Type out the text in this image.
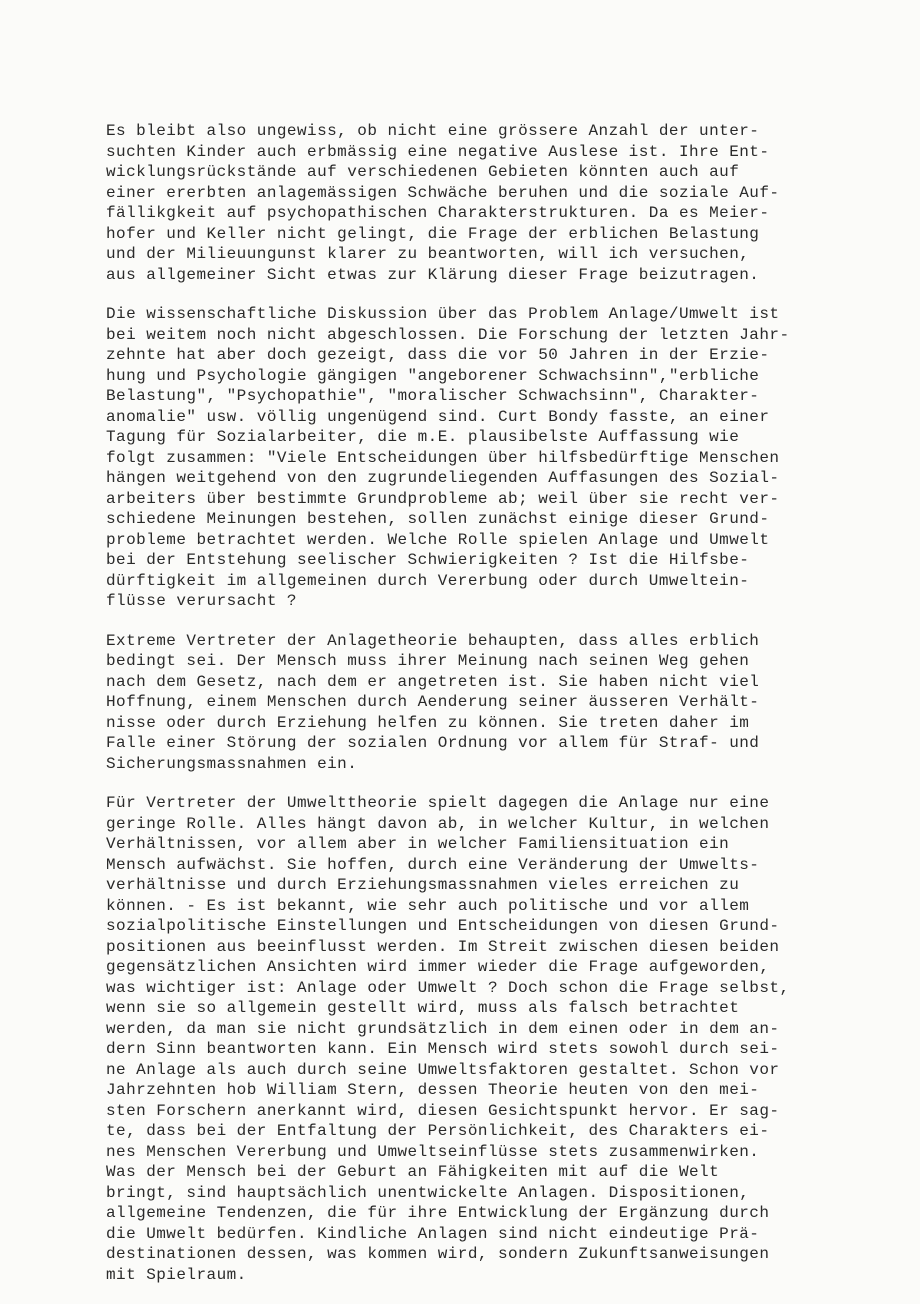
Es bleibt also ungewiss, ob nicht eine grössere Anzahl der unter-
suchten Kinder auch erbmässig eine negative Auslese ist. Ihre Ent-
wicklungsrückstände auf verschiedenen Gebieten könnten auch auf
einer ererbten anlagemässigen Schwäche beruhen und die soziale Auf-
fällikgkeit auf psychopathischen Charakterstrukturen. Da es Meier-
hofer und Keller nicht gelingt, die Frage der erblichen Belastung
und der Milieuungunst klarer zu beantworten, will ich versuchen,
aus allgemeiner Sicht etwas zur Klärung dieser Frage beizutragen.
Die wissenschaftliche Diskussion über das Problem Anlage/Umwelt ist
bei weitem noch nicht abgeschlossen. Die Forschung der letzten Jahr-
zehnte hat aber doch gezeigt, dass die vor 50 Jahren in der Erzie-
hung und Psychologie gängigen "angeborener Schwachsinn","erbliche
Belastung", "Psychopathie", "moralischer Schwachsinn", Charakter-
anomalie" usw. völlig ungenügend sind. Curt Bondy fasste, an einer
Tagung für Sozialarbeiter, die m.E. plausibelste Auffassung wie
folgt zusammen: "Viele Entscheidungen über hilfsbedürftige Menschen
hängen weitgehend von den zugrundeliegenden Auffasungen des Sozial-
arbeiters über bestimmte Grundprobleme ab; weil über sie recht ver-
schiedene Meinungen bestehen, sollen zunächst einige dieser Grund-
probleme betrachtet werden. Welche Rolle spielen Anlage und Umwelt
bei der Entstehung seelischer Schwierigkeiten ? Ist die Hilfsbe-
dürftigkeit im allgemeinen durch Vererbung oder durch Umweltein-
flüsse verursacht ?
Extreme Vertreter der Anlagetheorie behaupten, dass alles erblich
bedingt sei. Der Mensch muss ihrer Meinung nach seinen Weg gehen
nach dem Gesetz, nach dem er angetreten ist. Sie haben nicht viel
Hoffnung, einem Menschen durch Aenderung seiner äusseren Verhält-
nisse oder durch Erziehung helfen zu können. Sie treten daher im
Falle einer Störung der sozialen Ordnung vor allem für Straf- und
Sicherungsmassnahmen ein.
Für Vertreter der Umwelttheorie spielt dagegen die Anlage nur eine
geringe Rolle. Alles hängt davon ab, in welcher Kultur, in welchen
Verhältnissen, vor allem aber in welcher Familiensituation ein
Mensch aufwächst. Sie hoffen, durch eine Veränderung der Umwelts-
verhältnisse und durch Erziehungsmassnahmen vieles erreichen zu
können. - Es ist bekannt, wie sehr auch politische und vor allem
sozialpolitische Einstellungen und Entscheidungen von diesen Grund-
positionen aus beeinflusst werden. Im Streit zwischen diesen beiden
gegensätzlichen Ansichten wird immer wieder die Frage aufgeworden,
was wichtiger ist: Anlage oder Umwelt ? Doch schon die Frage selbst,
wenn sie so allgemein gestellt wird, muss als falsch betrachtet
werden, da man sie nicht grundsätzlich in dem einen oder in dem an-
dern Sinn beantworten kann. Ein Mensch wird stets sowohl durch sei-
ne Anlage als auch durch seine Umweltsfaktoren gestaltet. Schon vor
Jahrzehnten hob William Stern, dessen Theorie heuten von den mei-
sten Forschern anerkannt wird, diesen Gesichtspunkt hervor. Er sag-
te, dass bei der Entfaltung der Persönlichkeit, des Charakters ei-
nes Menschen Vererbung und Umweltseinflüsse stets zusammenwirken.
Was der Mensch bei der Geburt an Fähigkeiten mit auf die Welt
bringt, sind hauptsächlich unentwickelte Anlagen. Dispositionen,
allgemeine Tendenzen, die für ihre Entwicklung der Ergänzung durch
die Umwelt bedürfen. Kindliche Anlagen sind nicht eindeutige Prä-
destinationen dessen, was kommen wird, sondern Zukunftsanweisungen
mit Spielraum.
